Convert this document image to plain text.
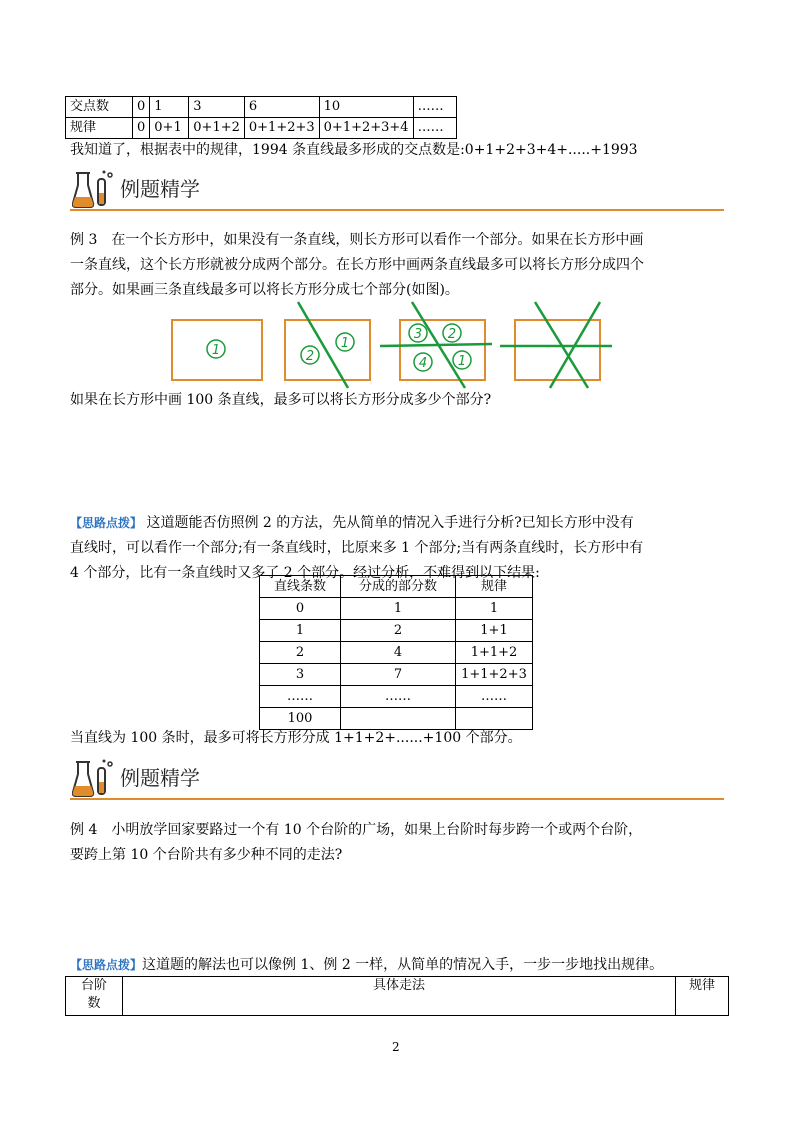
交点数	0	1	3	6	10	……
规律	0	0+1	0+1+2	0+1+2+3	0+1+2+3+4	……
我知道了，根据表中的规律，1994 条直线最多形成的交点数是:0+1+2+3+4+.....+1993
例题精学
例 3　在一个长方形中，如果没有一条直线，则长方形可以看作一个部分。如果在长方形中画
一条直线，这个长方形就被分成两个部分。在长方形中画两条直线最多可以将长方形分成四个
部分。如果画三条直线最多可以将长方形分成七个部分(如图)。
1	2
1
3 2
4 1
如果在长方形中画 100 条直线，最多可以将长方形分成多少个部分?
【思路点拨】 这道题能否仿照例 2 的方法，先从简单的情况入手进行分析?已知长方形中没有
直线时，可以看作一个部分;有一条直线时，比原来多 1 个部分;当有两条直线时，长方形中有
4 个部分，比有一条直线时又多了 2 个部分。经过分析，不难得到以下结果:
直线条数	分成的部分数	规律
0	1	1
1	2	1+1
2	4	1+1+2
3	7	1+1+2+3
……	……	……
100		
当直线为 100 条时，最多可将长方形分成 1+1+2+......+100 个部分。
例题精学
例 4　小明放学回家要路过一个有 10 个台阶的广场，如果上台阶时每步跨一个或两个台阶，
要跨上第 10 个台阶共有多少种不同的走法?
【思路点拨】这道题的解法也可以像例 1、例 2 一样，从简单的情况入手，一步一步地找出规律。
台阶
数	具体走法	规律
2
